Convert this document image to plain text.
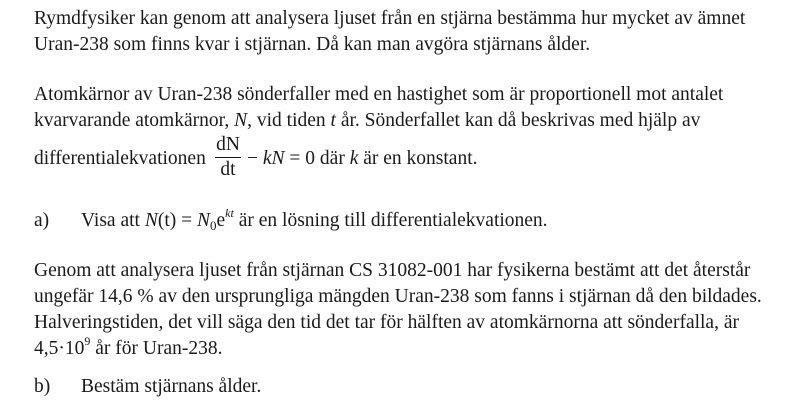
Rymdfysiker kan genom att analysera ljuset från en stjärna bestämma hur mycket av ämnet
Uran-238 som finns kvar i stjärnan. Då kan man avgöra stjärnans ålder.
Atomkärnor av Uran-238 sönderfaller med en hastighet som är proportionell mot antalet
kvarvarande atomkärnor, N, vid tiden t år. Sönderfallet kan då beskrivas med hjälp av
differentialekvationen
dN
dt
− kN = 0 där k är en konstant.
a) Visa att $N(t) = N_0e^{kt}$ är en lösning till differentialekvationen.
Genom att analysera ljuset från stjärnan CS 31082-001 har fysikerna bestämt att det återstår
ungefär 14,6 % av den ursprungliga mängden Uran-238 som fanns i stjärnan då den bildades.
Halveringstiden, det vill säga den tid det tar för hälften av atomkärnorna att sönderfalla, är
$4,5\cdot 10^9$ år för Uran-238.
b) Bestäm stjärnans ålder.
